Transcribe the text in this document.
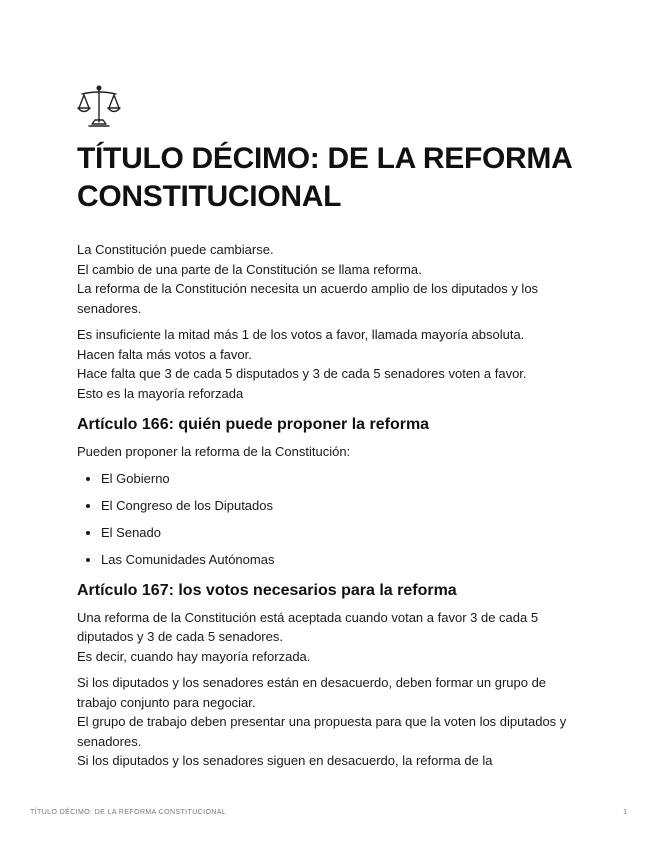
TÍTULO DÉCIMO: DE LA REFORMA CONSTITUCIONAL

La Constitución puede cambiarse.
El cambio de una parte de la Constitución se llama reforma.
La reforma de la Constitución necesita un acuerdo amplio de los diputados y los senadores.

Es insuficiente la mitad más 1 de los votos a favor, llamada mayoría absoluta.
Hacen falta más votos a favor.
Hace falta que 3 de cada 5 disputados y 3 de cada 5 senadores voten a favor.
Esto es la mayoría reforzada

Artículo 166: quién puede proponer la reforma

Pueden proponer la reforma de la Constitución:

• El Gobierno
• El Congreso de los Diputados
• El Senado
• Las Comunidades Autónomas
Artículo 167: los votos necesarios para la reforma

Una reforma de la Constitución está aceptada cuando votan a favor 3 de cada 5 diputados y 3 de cada 5 senadores.
Es decir, cuando hay mayoría reforzada.

Si los diputados y los senadores están en desacuerdo, deben formar un grupo de trabajo conjunto para negociar.
El grupo de trabajo deben presentar una propuesta para que la voten los diputados y senadores.
Si los diputados y los senadores siguen en desacuerdo, la reforma de la

TÍTULO DÉCIMO: DE LA REFORMA CONSTITUCIONAL	1
